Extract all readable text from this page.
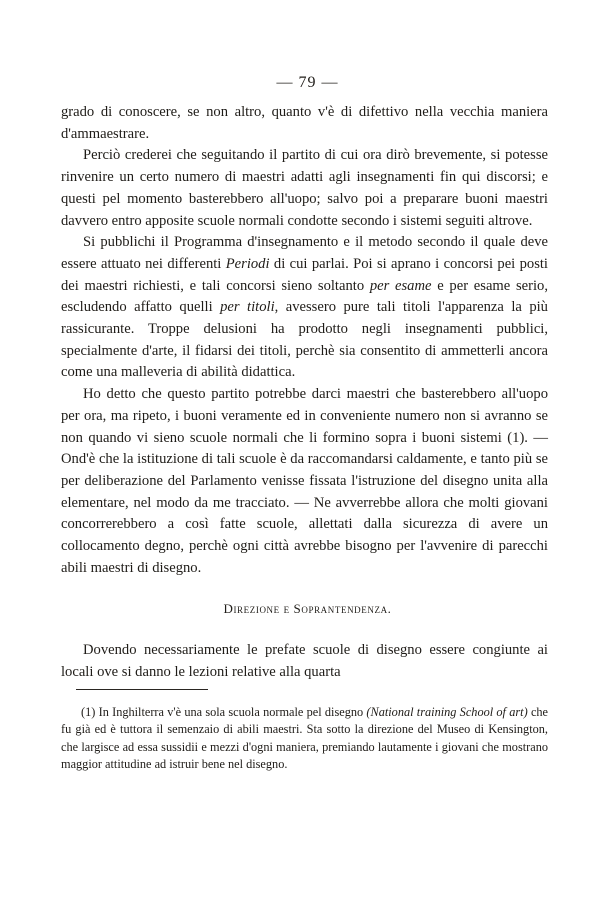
— 79 —

grado di conoscere, se non altro, quanto v'è di difettivo nella vecchia maniera d'ammaestrare.

Perciò crederei che seguitando il partito di cui ora dirò brevemente, si potesse rinvenire un certo numero di maestri adatti agli insegnamenti fin qui discorsi; e questi pel momento basterebbero all'uopo; salvo poi a preparare buoni maestri davvero entro apposite scuole normali condotte secondo i sistemi seguiti altrove.

Si pubblichi il Programma d'insegnamento e il metodo secondo il quale deve essere attuato nei differenti Periodi di cui parlai. Poi si aprano i concorsi pei posti dei maestri richiesti, e tali concorsi sieno soltanto per esame e per esame serio, escludendo affatto quelli per titoli, avessero pure tali titoli l'apparenza la più rassicurante. Troppe delusioni ha prodotto negli insegnamenti pubblici, specialmente d'arte, il fidarsi dei titoli, perchè sia consentito di ammetterli ancora come una malleveria di abilità didattica.

Ho detto che questo partito potrebbe darci maestri che basterebbero all'uopo per ora, ma ripeto, i buoni veramente ed in conveniente numero non si avranno se non quando vi sieno scuole normali che li formino sopra i buoni sistemi (1). — Ond'è che la istituzione di tali scuole è da raccomandarsi caldamente, e tanto più se per deliberazione del Parlamento venisse fissata l'istruzione del disegno unita alla elementare, nel modo da me tracciato. — Ne avverrebbe allora che molti giovani concorrerebbero a così fatte scuole, allettati dalla sicurezza di avere un collocamento degno, perchè ogni città avrebbe bisogno per l'avvenire di parecchi abili maestri di disegno.

Direzione e Soprantendenza.
Dovendo necessariamente le prefate scuole di disegno essere congiunte ai locali ove si danno le lezioni relative alla quarta
(1) In Inghilterra v'è una sola scuola normale pel disegno (National training School of art) che fu già ed è tuttora il semenzaio di abili maestri. Sta sotto la direzione del Museo di Kensington, che largisce ad essa sussidii e mezzi d'ogni maniera, premiando lautamente i giovani che mostrano maggior attitudine ad istruir bene nel disegno.
